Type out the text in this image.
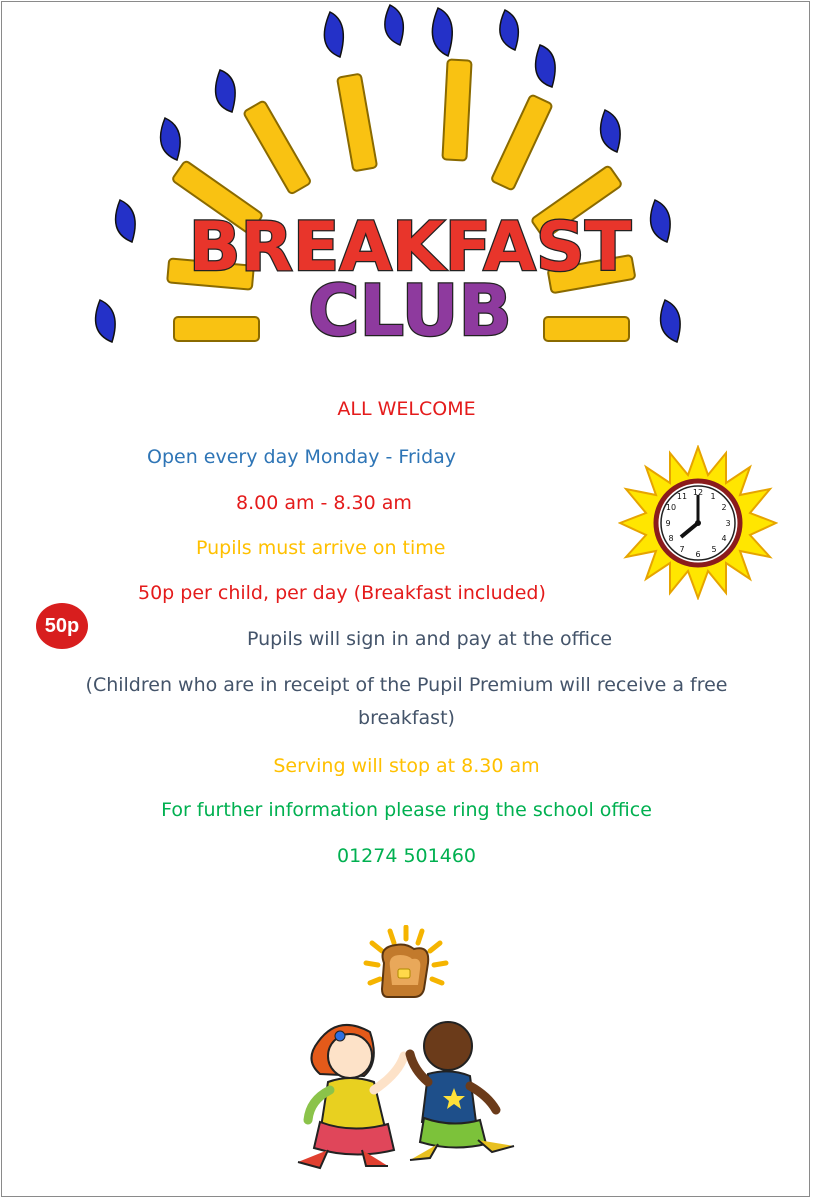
BREAKFAST
CLUB
ALL WELCOME
Open every day Monday - Friday
8.00 am - 8.30 am
Pupils must arrive on time
50p per child, per day (Breakfast included)
Pupils will sign in and pay at the office
(Children who are in receipt of the Pupil Premium will receive a free
breakfast)
Serving will stop at 8.30 am
For further information please ring the school office
01274 501460
50p
12 1
2
3
4
5
6
7
8
9
10
11
